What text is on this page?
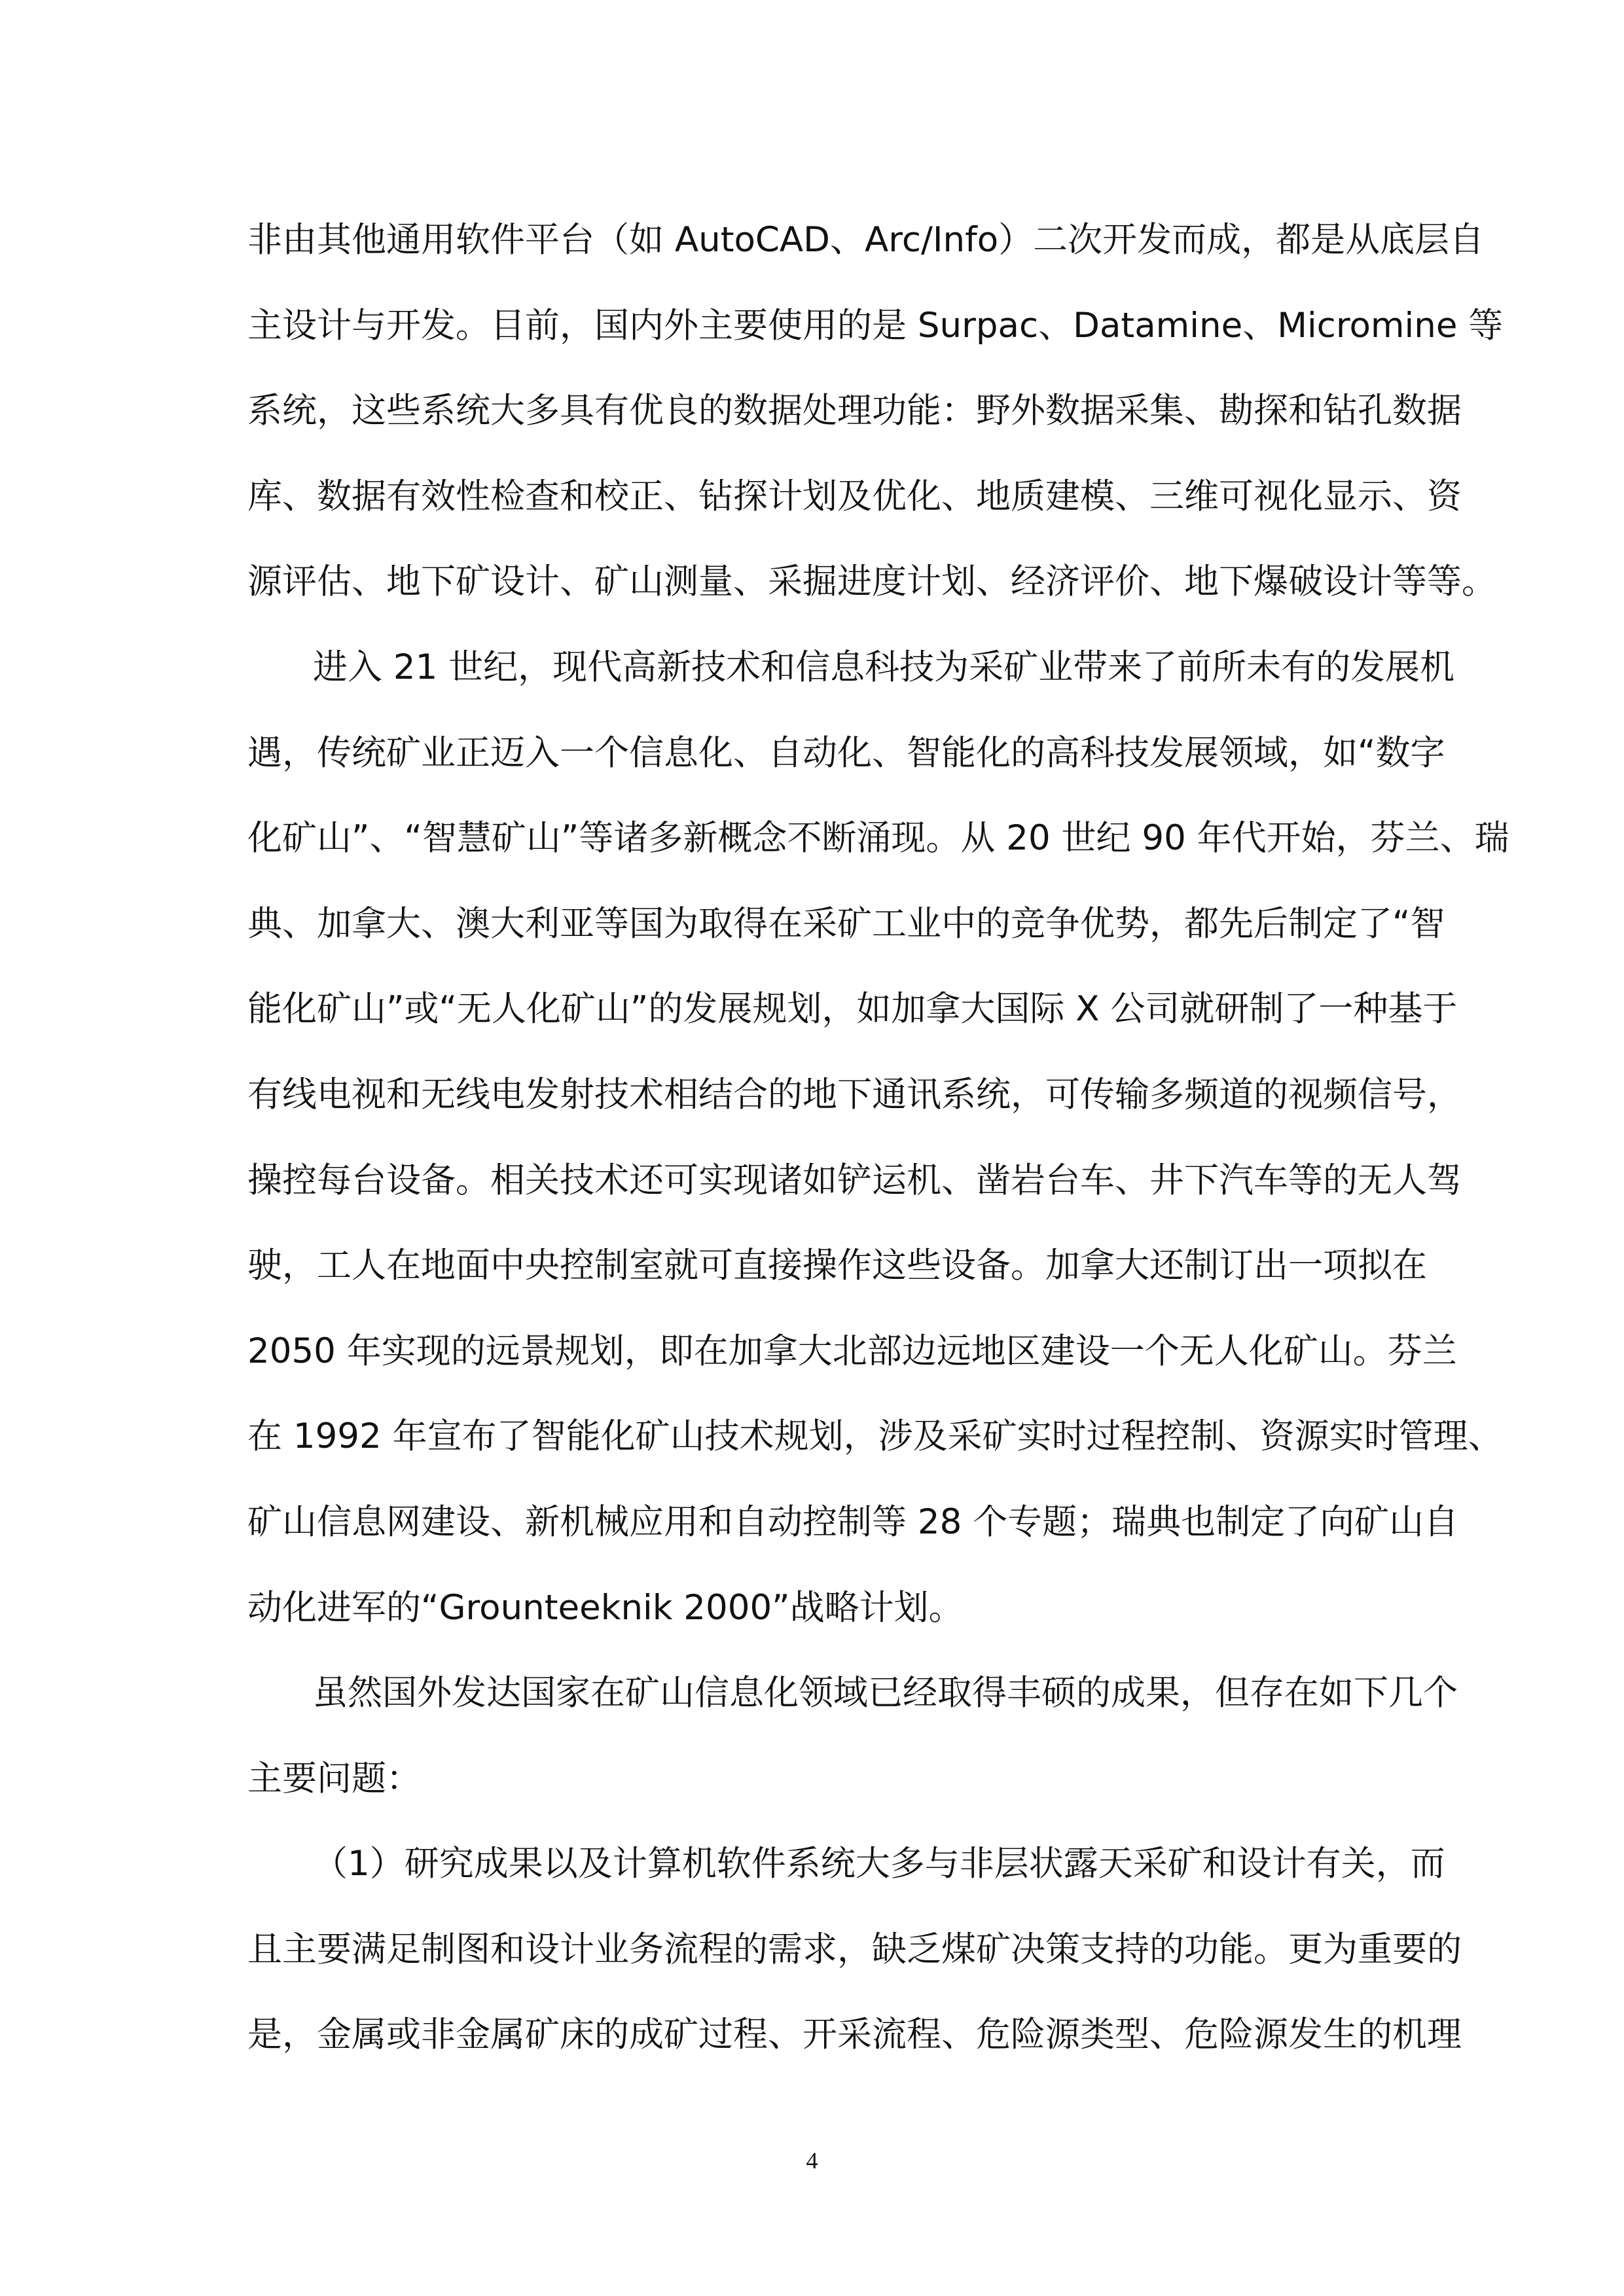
非由其他通用软件平台（如 AutoCAD、Arc/Info）二次开发而成，都是从底层自
主设计与开发。目前，国内外主要使用的是 Surpac、Datamine、Micromine 等
系统，这些系统大多具有优良的数据处理功能：野外数据采集、勘探和钻孔数据
库、数据有效性检查和校正、钻探计划及优化、地质建模、三维可视化显示、资
源评估、地下矿设计、矿山测量、采掘进度计划、经济评价、地下爆破设计等等。
进入 21 世纪，现代高新技术和信息科技为采矿业带来了前所未有的发展机
遇，传统矿业正迈入一个信息化、自动化、智能化的高科技发展领域，如“数字
化矿山”、“智慧矿山”等诸多新概念不断涌现。从 20 世纪 90 年代开始，芬兰、瑞
典、加拿大、澳大利亚等国为取得在采矿工业中的竞争优势，都先后制定了“智
能化矿山”或“无人化矿山”的发展规划，如加拿大国际 X 公司就研制了一种基于
有线电视和无线电发射技术相结合的地下通讯系统，可传输多频道的视频信号，
操控每台设备。相关技术还可实现诸如铲运机、凿岩台车、井下汽车等的无人驾
驶，工人在地面中央控制室就可直接操作这些设备。加拿大还制订出一项拟在
2050 年实现的远景规划，即在加拿大北部边远地区建设一个无人化矿山。芬兰
在 1992 年宣布了智能化矿山技术规划，涉及采矿实时过程控制、资源实时管理、
矿山信息网建设、新机械应用和自动控制等 28 个专题；瑞典也制定了向矿山自
动化进军的“Grounteeknik 2000”战略计划。
虽然国外发达国家在矿山信息化领域已经取得丰硕的成果，但存在如下几个
主要问题：
（1）研究成果以及计算机软件系统大多与非层状露天采矿和设计有关，而
且主要满足制图和设计业务流程的需求，缺乏煤矿决策支持的功能。更为重要的
是，金属或非金属矿床的成矿过程、开采流程、危险源类型、危险源发生的机理
4
